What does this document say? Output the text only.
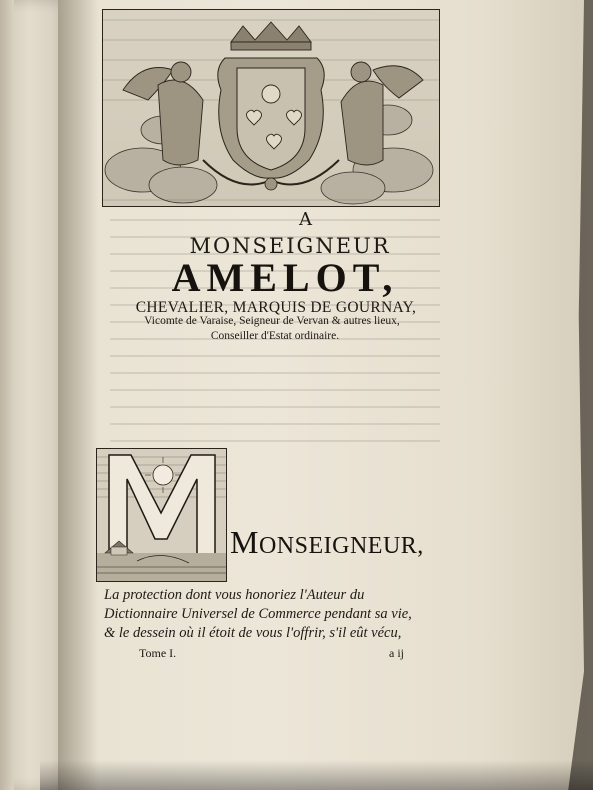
A
MONSEIGNEUR
AMELOT,
CHEVALIER, MARQUIS DE GOURNAY,
Vicomte de Varaise, Seigneur de Vervan & autres lieux,
Conseiller d'Estat ordinaire.
MONSEIGNEUR,
La protection dont vous honoriez l'Auteur du
Dictionnaire Universel de Commerce pendant sa vie,
& le dessein où il étoit de vous l'offrir, s'il eût vécu,
Tome I.	a ij
